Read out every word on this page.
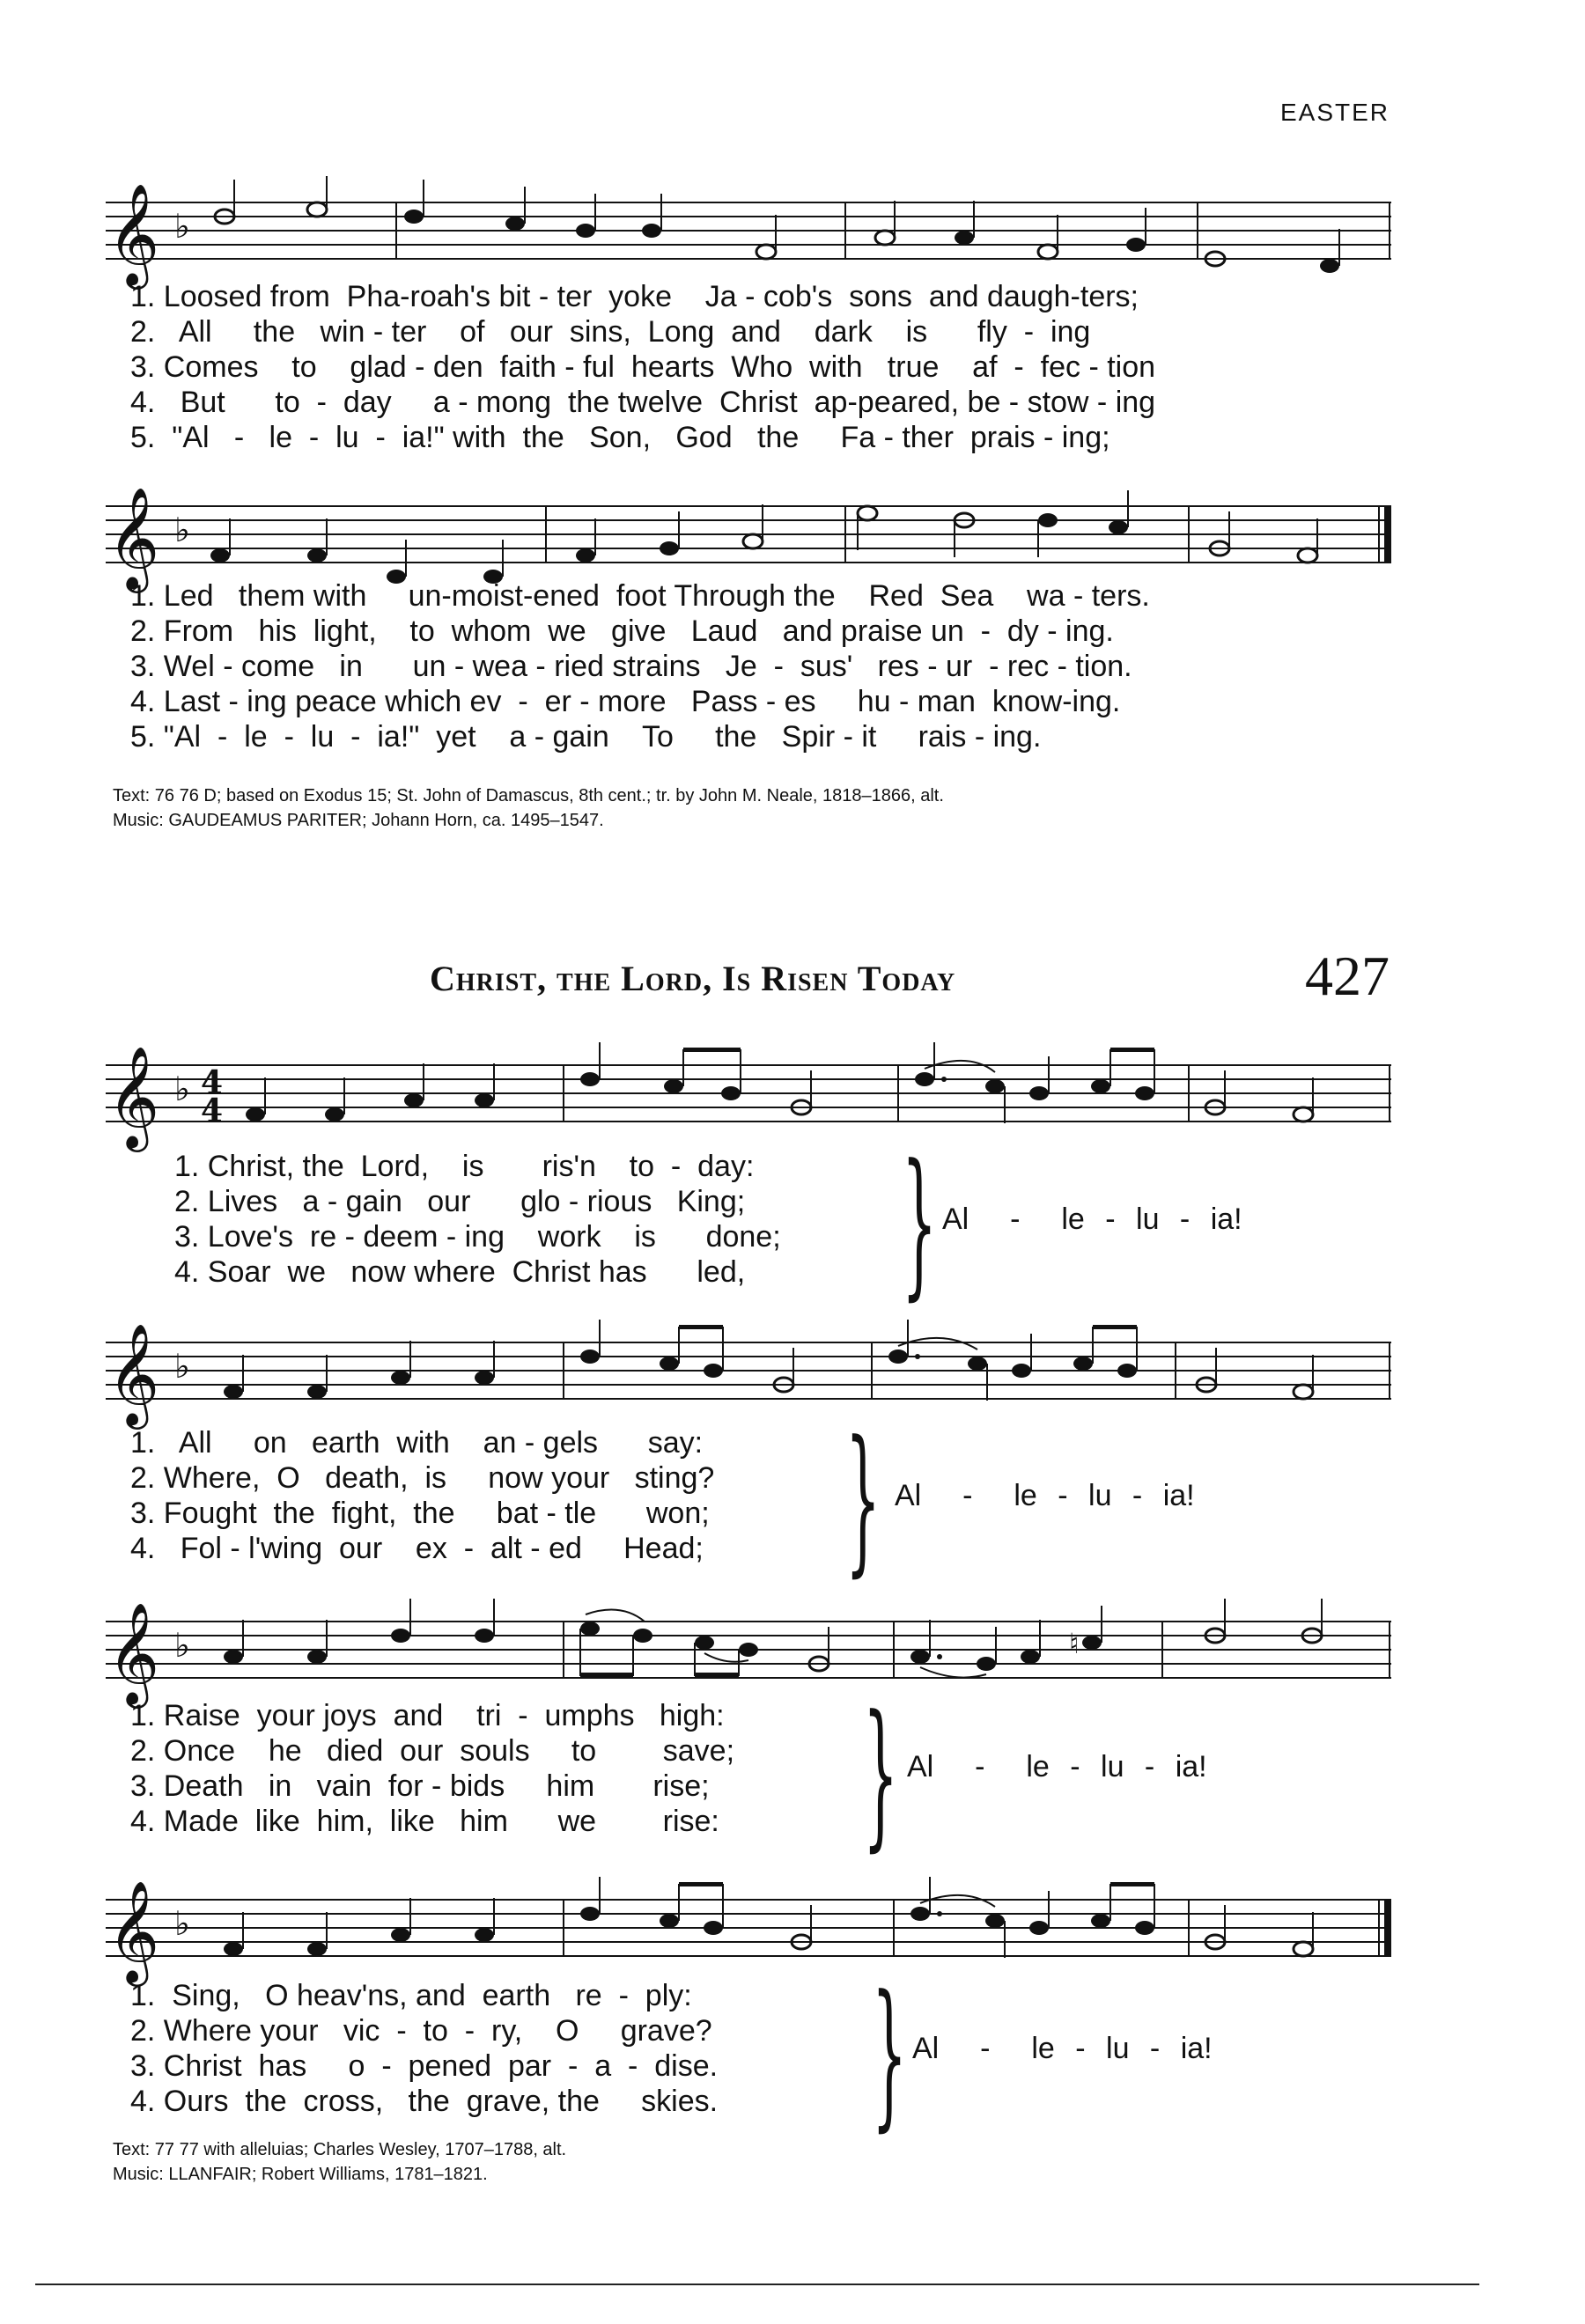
EASTER
𝄞 ♭
1. Loosed from  Pha-roah's bit - ter  yoke    Ja - cob's  sons  and daugh-ters;
2.   All     the   win - ter    of   our  sins,  Long  and    dark    is      fly  -  ing
3. Comes    to    glad - den  faith - ful  hearts  Who  with   true    af  -  fec - tion
4.   But      to  -  day     a - mong  the twelve  Christ  ap-peared, be - stow - ing
5.  "Al   -   le  -  lu  -  ia!" with  the   Son,   God   the     Fa - ther  prais - ing;
𝄞 ♭
1. Led   them with     un-moist-ened  foot Through the    Red  Sea    wa - ters.
2. From   his  light,    to  whom  we   give   Laud   and praise un  -  dy - ing.
3. Wel - come   in      un - wea - ried strains   Je  -  sus'   res - ur  - rec - tion.
4. Last - ing peace which ev  -  er - more   Pass - es     hu - man  know-ing.
5. "Al  -  le  -  lu  -  ia!"  yet    a - gain    To     the   Spir - it     rais - ing.
Text: 76 76 D; based on Exodus 15; St. John of Damascus, 8th cent.; tr. by John M. Neale, 1818–1866, alt.
Music: GAUDEAMUS PARITER; Johann Horn, ca. 1495–1547.
Christ, the Lord, Is Risen Today	427
𝄞 ♭ 4
4
1. Christ, the  Lord,    is       ris'n    to  -  day:
2. Lives   a - gain   our      glo - rious   King;
3. Love's  re - deem - ing    work    is      done;
4. Soar  we   now where  Christ has      led, } Al  -  le - lu - ia!
𝄞 ♭
1.   All     on   earth  with    an - gels      say:
2. Where,  O   death,  is     now your   sting?
3. Fought  the  fight,  the     bat - tle      won;
4.   Fol - l'wing  our    ex  -  alt - ed     Head; } Al  -  le - lu - ia!
𝄞 ♭	♮
1. Raise  your joys  and    tri  -  umphs   high:
2. Once    he   died  our  souls     to        save;
3. Death   in   vain  for - bids     him       rise;
4. Made  like  him,  like   him      we        rise: } Al  -  le - lu - ia!
𝄞 ♭
1.  Sing,   O heav'ns, and  earth   re  -  ply:
2. Where your   vic  -  to  -  ry,    O     grave?
3. Christ  has     o  -  pened  par  -  a  -  dise.
4. Ours  the  cross,   the  grave, the     skies. } Al  -  le - lu - ia!
Text: 77 77 with alleluias; Charles Wesley, 1707–1788, alt.
Music: LLANFAIR; Robert Williams, 1781–1821.
